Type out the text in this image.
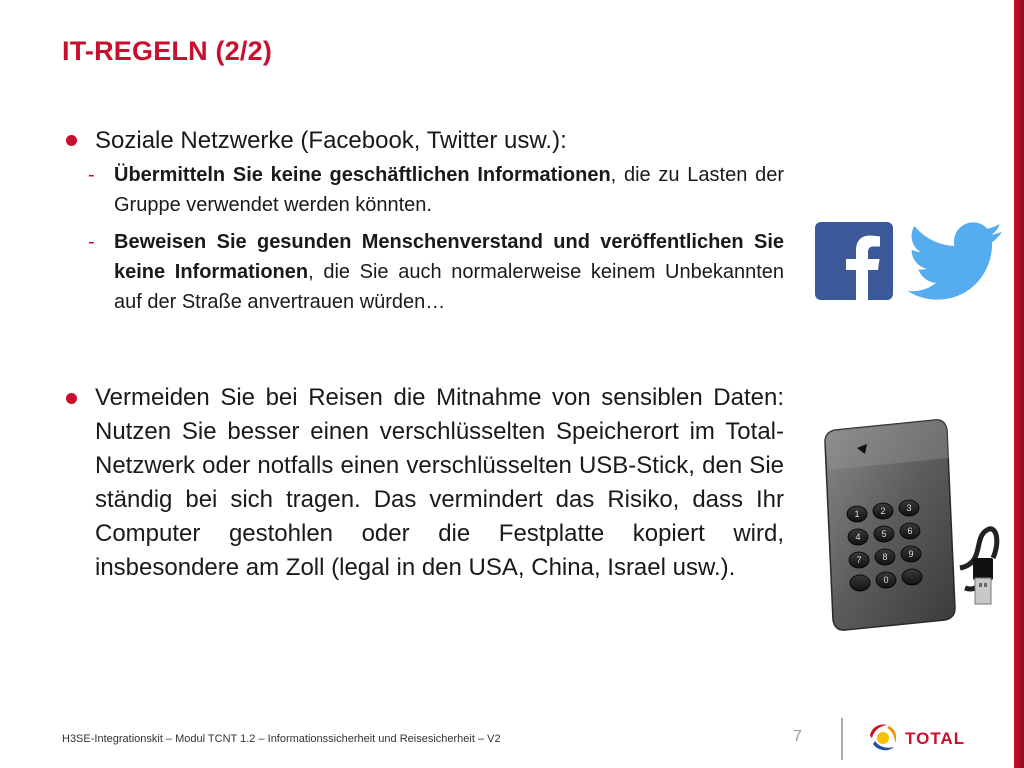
IT-REGELN (2/2)
Soziale Netzwerke (Facebook, Twitter usw.):
- Übermitteln Sie keine geschäftlichen Informationen, die zu Lasten der Gruppe verwendet werden könnten.
- Beweisen Sie gesunden Menschenverstand und veröffentlichen Sie keine Informationen, die Sie auch normalerweise keinem Unbekannten auf der Straße anvertrauen würden…
Vermeiden Sie bei Reisen die Mitnahme von sensiblen Daten: Nutzen Sie besser einen verschlüsselten Speicherort im Total-Netzwerk oder notfalls einen verschlüsselten USB-Stick, den Sie ständig bei sich tragen. Das vermindert das Risiko, dass Ihr Computer gestohlen oder die Festplatte kopiert wird, insbesondere am Zoll (legal in den USA, China, Israel usw.).
1 2 3
4 5 6
7 8 9
0
H3SE-Integrationskit – Modul TCNT 1.2 – Informationssicherheit und Reisesicherheit – V2	7	TOTAL
